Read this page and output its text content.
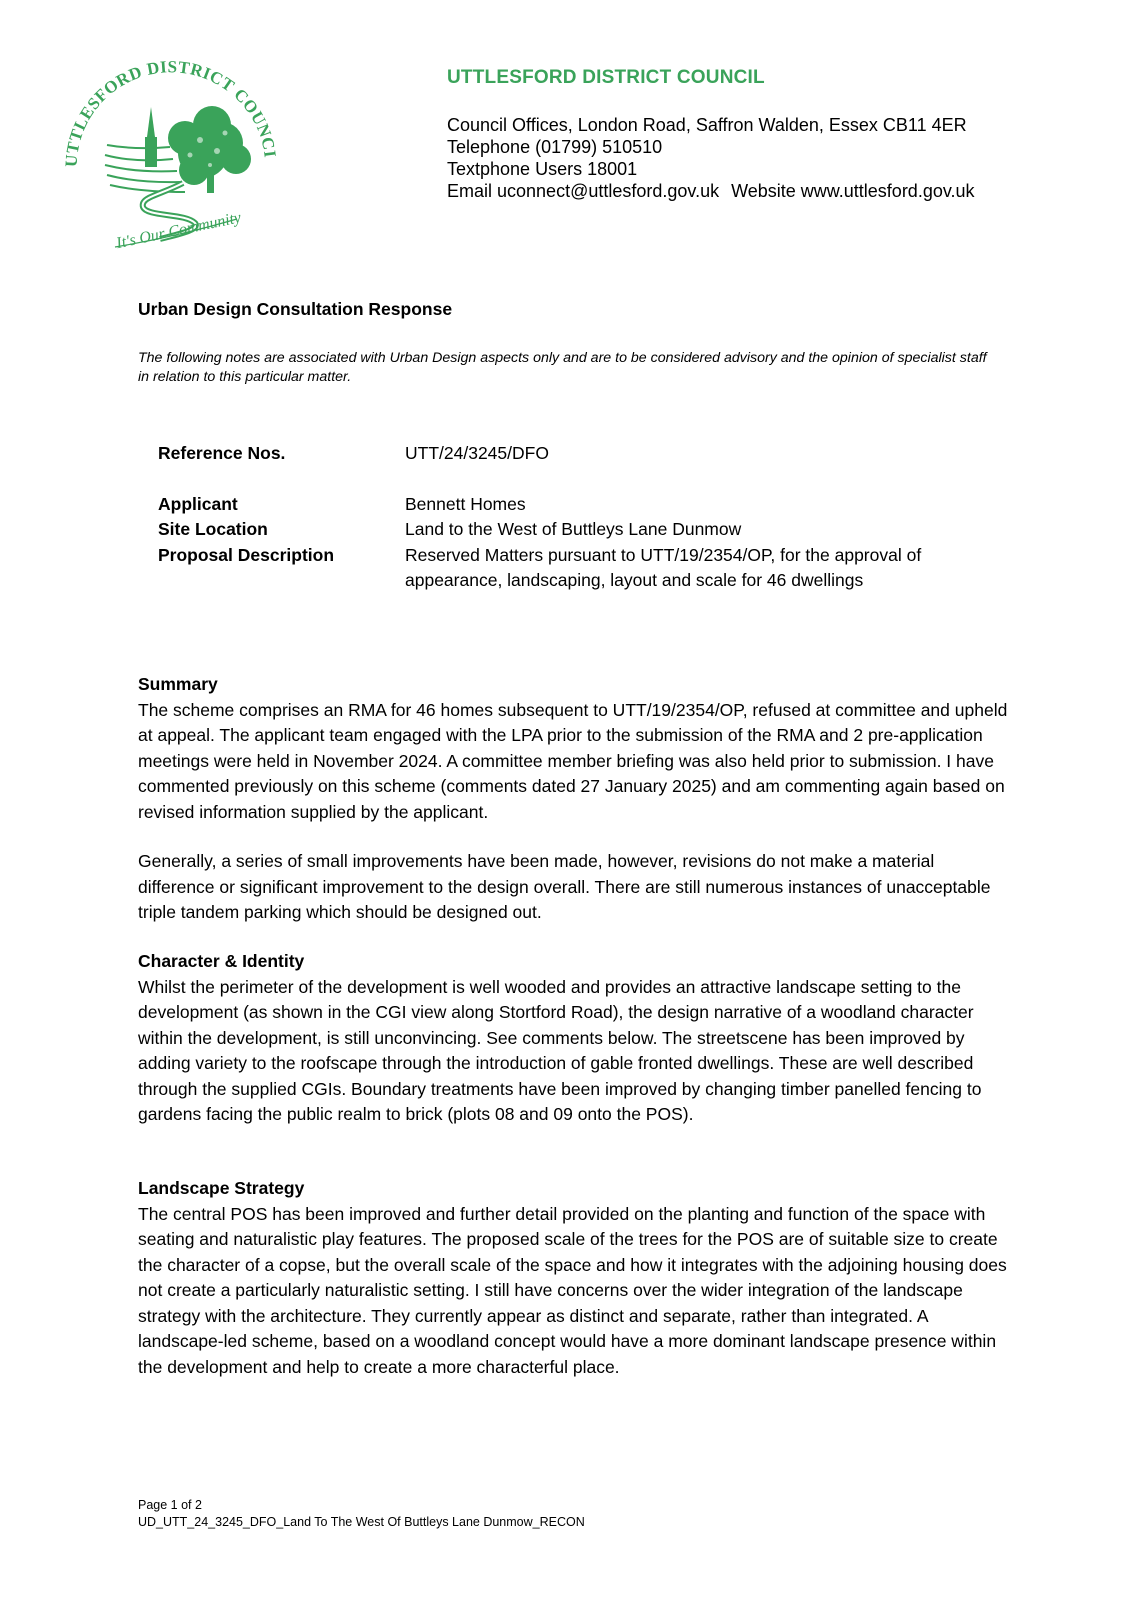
UTTLESFORD DISTRICT COUNCI
It's Our Community
UTTLESFORD DISTRICT COUNCIL
Council Offices, London Road, Saffron Walden, Essex CB11 4ER
Telephone (01799) 510510
Textphone Users 18001
Email uconnect@uttlesford.gov.uk Website www.uttlesford.gov.uk
Urban Design Consultation Response
The following notes are associated with Urban Design aspects only and are to be considered advisory and the opinion of specialist staff in relation to this particular matter.
Reference Nos.	UTT/24/3245/DFO
Applicant	Bennett Homes
Site Location	Land to the West of Buttleys Lane Dunmow
Proposal Description	Reserved Matters pursuant to UTT/19/2354/OP, for the approval of appearance, landscaping, layout and scale for 46 dwellings
Summary

The scheme comprises an RMA for 46 homes subsequent to UTT/19/2354/OP, refused at committee and upheld at appeal. The applicant team engaged with the LPA prior to the submission of the RMA and 2 pre-application meetings were held in November 2024. A committee member briefing was also held prior to submission. I have commented previously on this scheme (comments dated 27 January 2025) and am commenting again based on revised information supplied by the applicant.

Generally, a series of small improvements have been made, however, revisions do not make a material difference or significant improvement to the design overall. There are still numerous instances of unacceptable triple tandem parking which should be designed out.

Character & Identity

Whilst the perimeter of the development is well wooded and provides an attractive landscape setting to the development (as shown in the CGI view along Stortford Road), the design narrative of a woodland character within the development, is still unconvincing. See comments below. The streetscene has been improved by adding variety to the roofscape through the introduction of gable fronted dwellings. These are well described through the supplied CGIs. Boundary treatments have been improved by changing timber panelled fencing to gardens facing the public realm to brick (plots 08 and 09 onto the POS).

Landscape Strategy

The central POS has been improved and further detail provided on the planting and function of the space with seating and naturalistic play features. The proposed scale of the trees for the POS are of suitable size to create the character of a copse, but the overall scale of the space and how it integrates with the adjoining housing does not create a particularly naturalistic setting. I still have concerns over the wider integration of the landscape strategy with the architecture. They currently appear as distinct and separate, rather than integrated. A landscape-led scheme, based on a woodland concept would have a more dominant landscape presence within the development and help to create a more characterful place.

Page 1 of 2
UD_UTT_24_3245_DFO_Land To The West Of Buttleys Lane Dunmow_RECON
